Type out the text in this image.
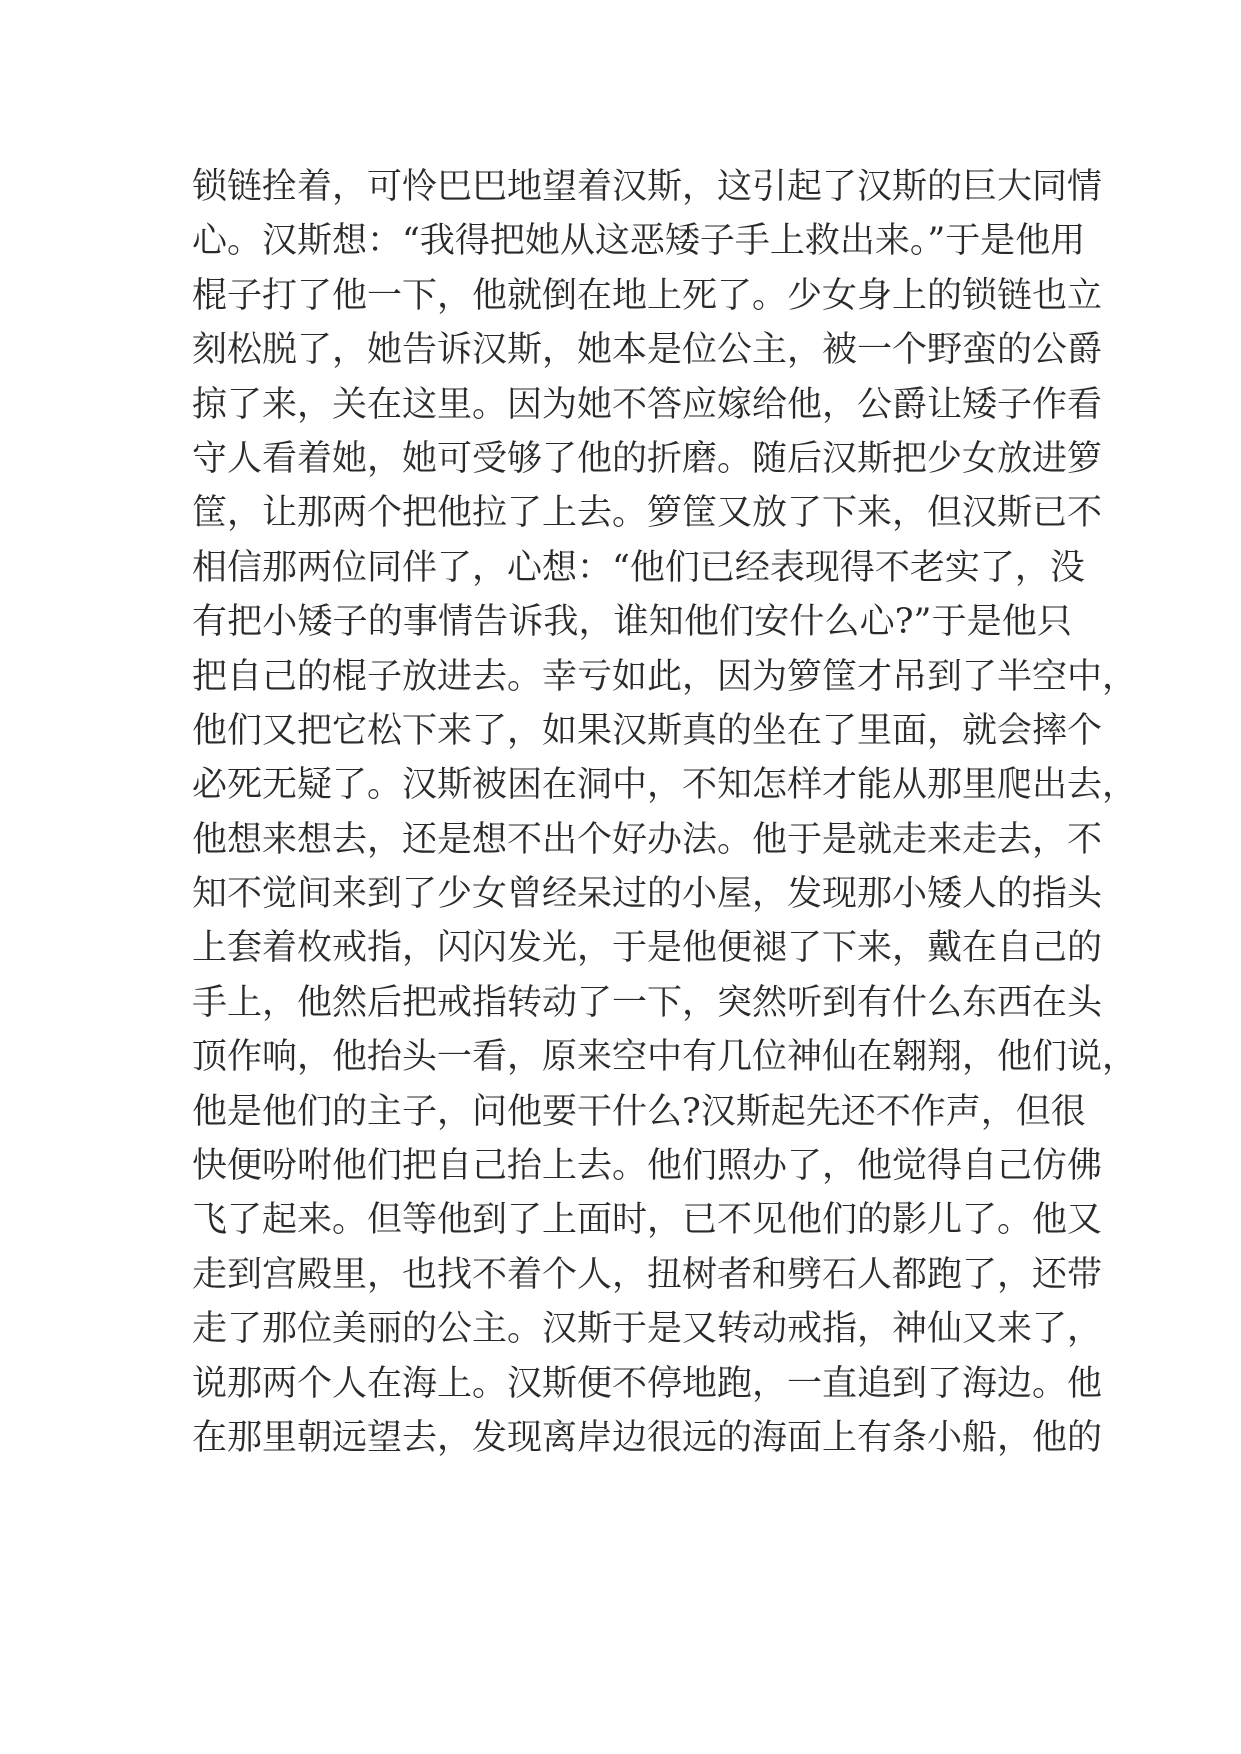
锁链拴着，可怜巴巴地望着汉斯，这引起了汉斯的巨大同情
心。汉斯想：“我得把她从这恶矮子手上救出来。”于是他用
棍子打了他一下，他就倒在地上死了。少女身上的锁链也立
刻松脱了，她告诉汉斯，她本是位公主，被一个野蛮的公爵
掠了来，关在这里。因为她不答应嫁给他，公爵让矮子作看
守人看着她，她可受够了他的折磨。随后汉斯把少女放进箩
筐，让那两个把他拉了上去。箩筐又放了下来，但汉斯已不
相信那两位同伴了，心想：“他们已经表现得不老实了，没
有把小矮子的事情告诉我，谁知他们安什么心?”于是他只
把自己的棍子放进去。幸亏如此，因为箩筐才吊到了半空中，
他们又把它松下来了，如果汉斯真的坐在了里面，就会摔个
必死无疑了。汉斯被困在洞中，不知怎样才能从那里爬出去，
他想来想去，还是想不出个好办法。他于是就走来走去，不
知不觉间来到了少女曾经呆过的小屋，发现那小矮人的指头
上套着枚戒指，闪闪发光，于是他便褪了下来，戴在自己的
手上，他然后把戒指转动了一下，突然听到有什么东西在头
顶作响，他抬头一看，原来空中有几位神仙在翱翔，他们说，
他是他们的主子，问他要干什么?汉斯起先还不作声，但很
快便吩咐他们把自己抬上去。他们照办了，他觉得自己仿佛
飞了起来。但等他到了上面时，已不见他们的影儿了。他又
走到宫殿里，也找不着个人，扭树者和劈石人都跑了，还带
走了那位美丽的公主。汉斯于是又转动戒指，神仙又来了，
说那两个人在海上。汉斯便不停地跑，一直追到了海边。他
在那里朝远望去，发现离岸边很远的海面上有条小船，他的
